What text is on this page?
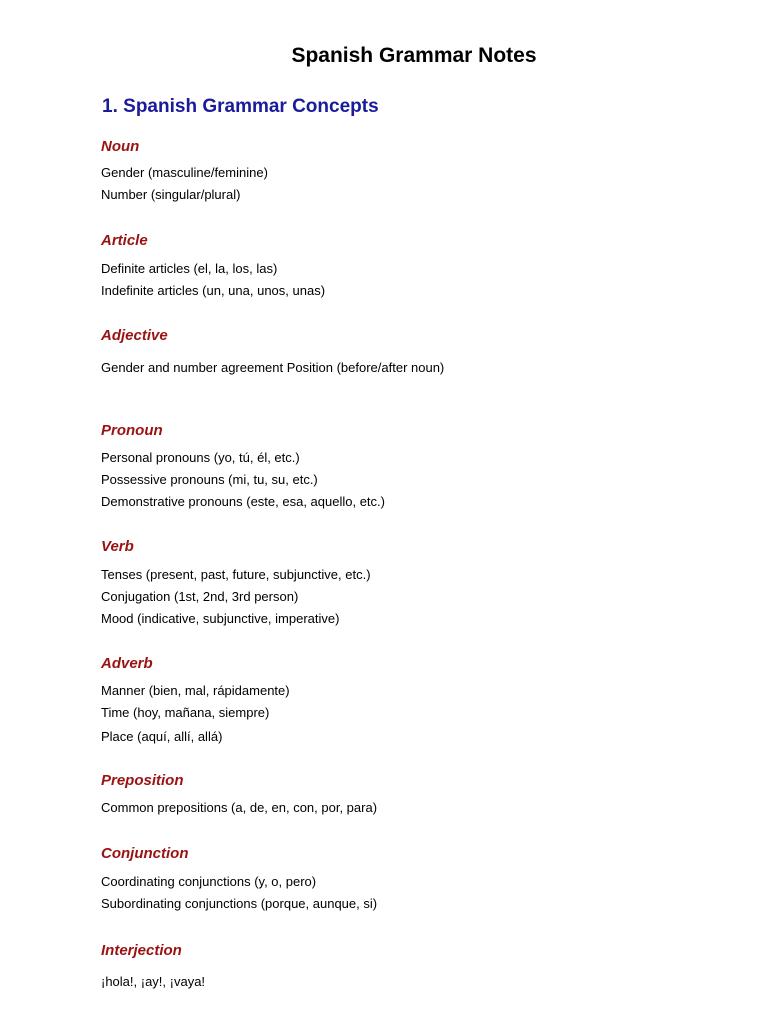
Spanish Grammar Notes
1. Spanish Grammar Concepts
Noun
Gender (masculine/feminine)
Number (singular/plural)
Article
Definite articles (el, la, los, las)
Indefinite articles (un, una, unos, unas)
Adjective
Gender and number agreement Position (before/after noun)
Pronoun
Personal pronouns (yo, tú, él, etc.)
Possessive pronouns (mi, tu, su, etc.)
Demonstrative pronouns (este, esa, aquello, etc.)
Verb
Tenses (present, past, future, subjunctive, etc.)
Conjugation (1st, 2nd, 3rd person)
Mood (indicative, subjunctive, imperative)
Adverb
Manner (bien, mal, rápidamente)
Time (hoy, mañana, siempre)
Place (aquí, allí, allá)
Preposition
Common prepositions (a, de, en, con, por, para)
Conjunction
Coordinating conjunctions (y, o, pero)
Subordinating conjunctions (porque, aunque, si)
Interjection
¡hola!, ¡ay!, ¡vaya!
